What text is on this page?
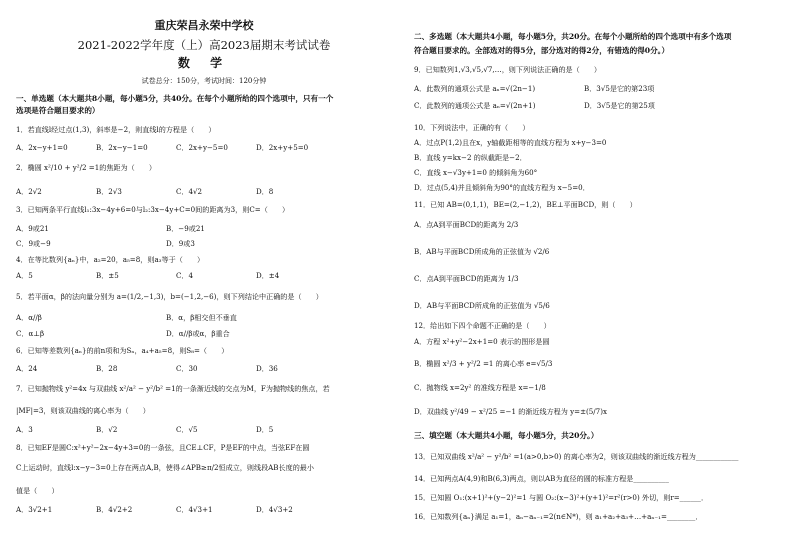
重庆荣昌永荣中学校
2021-2022学年度（上）高2023届期末考试试卷
数 学
试卷总分：150分，考试时间：120分钟
一、单选题（本大题共8小题，每小题5分，共40分。在每个小题所给的四个选项中，只有一个
选项是符合题目要求的）
1．若直线l经过点(1,3)，斜率是−2，则直线l的方程是（　　）
A．2x−y+1=0	B．2x−y−1=0	C．2x+y−5=0	D．2x+y+5=0
2．椭圆 x²/10 + y²/2 =1的焦距为（　　）
A．2√2	B．2√3	C．4√2	D．8
3．已知两条平行直线l₁:3x−4y+6=0与l₂:3x−4y+C=0间的距离为3，则C=（　　）
A．9或21	B．−9或21
C．9或−9	D．9或3
4．在等比数列{aₙ}中，a₂=20，a₅=8，则a₃等于（　　）
A．5	B．±5	C．4	D．±4
5．若平面α，β的法向量分别为 a=(1/2,−1,3)，b=(−1,2,−6)，则下列结论中正确的是（　　）
A．α//β	B．α，β相交但不垂直
C．α⊥β	D．α//β或α，β重合
6．已知等差数列{aₙ}的前n项和为Sₙ，a₄+a₅=8，则S₈=（　　）
A．24	B．28	C．30	D．36
7．已知抛物线 y²=4x 与双曲线 x²/a² − y²/b² =1的一条渐近线的交点为M，F为抛物线的焦点，若
|MF|=3，则该双曲线的离心率为（　　）
A．3	B．√2	C．√5	D．5
8．已知EF是圆C:x²+y²−2x−4y+3=0的一条弦，且CE⊥CF，P是EF的中点，当弦EF在圆
C上运动时，直线l:x−y−3=0上存在两点A,B，使得∠APB≥π/2恒成立，则线段AB长度的最小
值是（　　）
A．3√2+1	B．4√2+2	C．4√3+1	D．4√3+2
二、多选题（本大题共4小题，每小题5分，共20分。在每个小题所给的四个选项中有多个选项
符合题目要求的。全部选对的得5分，部分选对的得2分，有错选的得0分。）
9．已知数列1,√3,√5,√7,…，则下列说法正确的是（　　）
A．此数列的通项公式是 aₙ=√(2n−1)	B．3√5是它的第23项
C．此数列的通项公式是 aₙ=√(2n+1)	D．3√5是它的第25项
10．下列说法中，正确的有（　　）
A．过点P(1,2)且在x，y轴截距相等的直线方程为 x+y−3=0
B．直线 y=kx−2 的纵截距是−2．
C．直线 x−√3y+1=0 的倾斜角为60°
D．过点(5,4)并且倾斜角为90°的直线方程为 x−5=0．
11．已知 AB=(0,1,1)，BE=(2,−1,2)，BE⊥平面BCD，则（　　）
A．点A到平面BCD的距离为 2/3
B．AB与平面BCD所成角的正弦值为 √2/6
C．点A到平面BCD的距离为 1/3
D．AB与平面BCD所成角的正弦值为 √5/6
12．给出如下四个命题不正确的是（　　）
A．方程 x²+y²−2x+1=0 表示的图形是圆
B．椭圆 x²/3 + y²/2 =1 的离心率 e=√5/3
C．抛物线 x=2y² 的准线方程是 x=−1/8
D．双曲线 y²/49 − x²/25 =−1 的渐近线方程为 y=±(5/7)x
三、填空题（本大题共4小题，每小题5分，共20分。）
13．已知双曲线 x²/a² − y²/b² =1(a>0,b>0) 的离心率为2，则该双曲线的渐近线方程为____________
14．已知两点A(4,9)和B(6,3)两点，则以AB为直径的圆的标准方程是__________
15．已知圆 O₁:(x+1)²+(y−2)²=1 与圆 O₂:(x−3)²+(y+1)²=r²(r>0) 外切，则r=______．
16．已知数列{aₙ}满足 a₁=1，aₙ−aₙ₋₁=2(n∈N*)，则 a₁+a₂+a₃+…+aₙ₋₁=________．
